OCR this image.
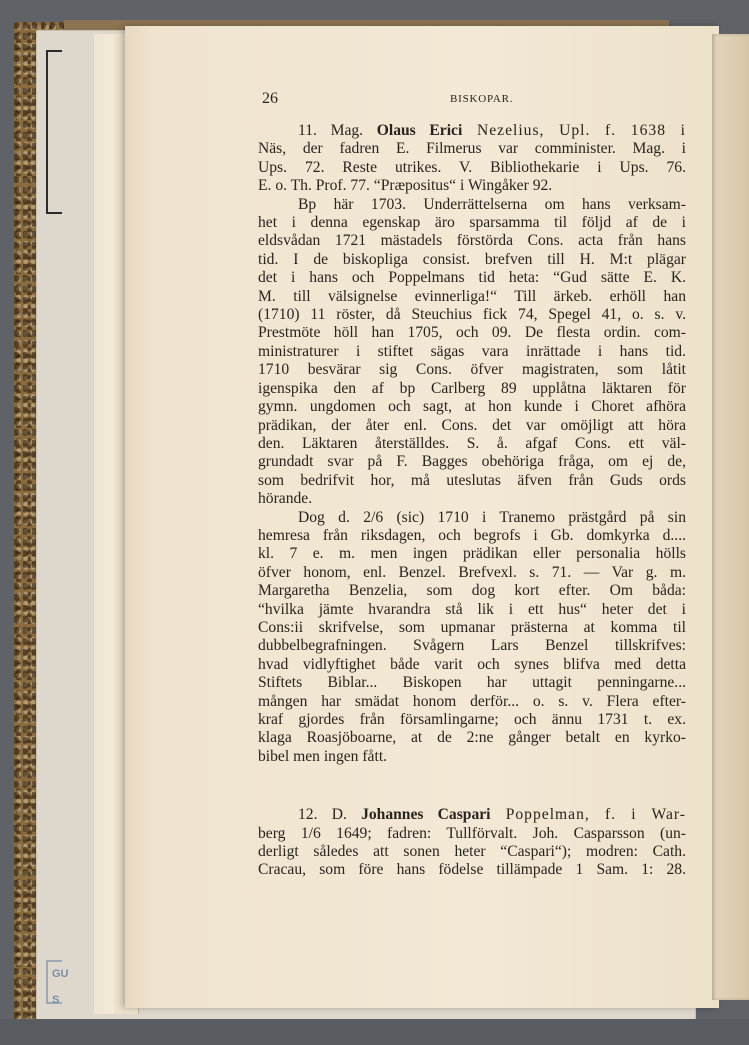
GU
S
26	BISKOPAR.
11. Mag. Olaus Erici Nezelius, Upl. f. 1638 i
Näs, der fadren E. Filmerus var comminister. Mag. i
Ups. 72. Reste utrikes. V. Bibliothekarie i Ups. 76.
E. o. Th. Prof. 77. “Præpositus“ i Wingåker 92.
Bp här 1703. Underrättelserna om hans verksam-
het i denna egenskap äro sparsamma til följd af de i
eldsvådan 1721 mästadels förstörda Cons. acta från hans
tid. I de biskopliga consist. brefven till H. M:t plägar
det i hans och Poppelmans tid heta: “Gud sätte E. K.
M. till välsignelse evinnerliga!“ Till ärkeb. erhöll han
(1710) 11 röster, då Steuchius fick 74, Spegel 41, o. s. v.
Prestmöte höll han 1705, och 09. De flesta ordin. com-
ministraturer i stiftet sägas vara inrättade i hans tid.
1710 besvärar sig Cons. öfver magistraten, som låtit
igenspika den af bp Carlberg 89 upplåtna läktaren för
gymn. ungdomen och sagt, at hon kunde i Choret afhöra
prädikan, der åter enl. Cons. det var omöjligt att höra
den. Läktaren återställdes. S. å. afgaf Cons. ett väl-
grundadt svar på F. Bagges obehöriga fråga, om ej de,
som bedrifvit hor, må uteslutas äfven från Guds ords
hörande.
Dog d. 2/6 (sic) 1710 i Tranemo prästgård på sin
hemresa från riksdagen, och begrofs i Gb. domkyrka d....
kl. 7 e. m. men ingen prädikan eller personalia hölls
öfver honom, enl. Benzel. Brefvexl. s. 71. — Var g. m.
Margaretha Benzelia, som dog kort efter. Om båda:
“hvilka jämte hvarandra stå lik i ett hus“ heter det i
Cons:ii skrifvelse, som upmanar prästerna at komma til
dubbelbegrafningen. Svågern Lars Benzel tillskrifves:
hvad vidlyftighet både varit och synes blifva med detta
Stiftets Biblar... Biskopen har uttagit penningarne...
mången har smädat honom derför... o. s. v. Flera efter-
kraf gjordes från församlingarne; och ännu 1731 t. ex.
klaga Roasjöboarne, at de 2:ne gånger betalt en kyrko-
bibel men ingen fått.
12. D. Johannes Caspari Poppelman, f. i War-
berg 1/6 1649; fadren: Tullförvalt. Joh. Casparsson (un-
derligt således att sonen heter “Caspari“); modren: Cath.
Cracau, som före hans födelse tillämpade 1 Sam. 1: 28.
